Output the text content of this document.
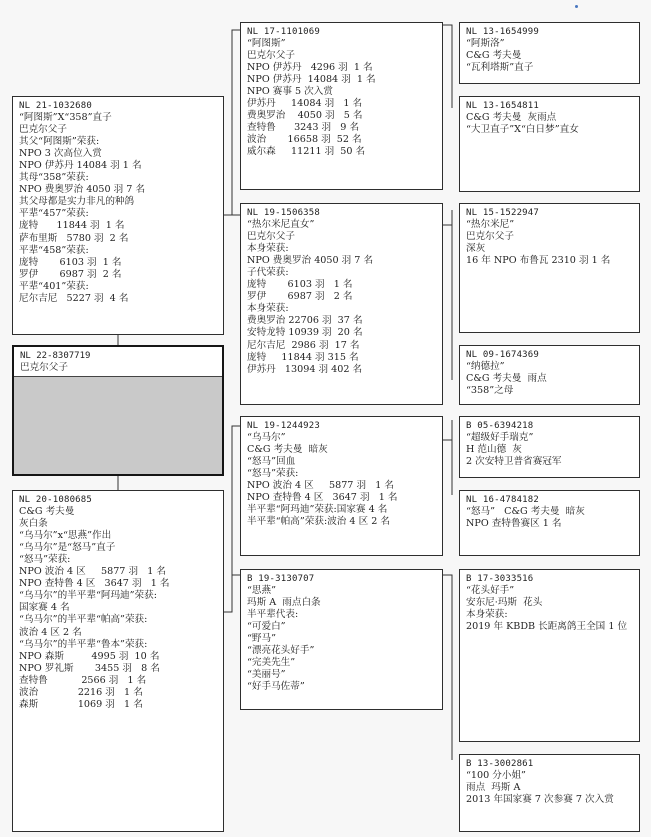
NL 21-1032680
“阿图斯”X“358”直子
巴克尔父子
其父“阿图斯”荣获:
NPO 3 次高位入赏
NPO 伊苏丹 14084 羽 1 名
其母“358”荣获:
NPO 费奥罗治 4050 羽 7 名
其父母都是实力非凡的种鸽
平辈“457”荣获:
庞特      11844 羽  1 名
萨布里斯   5780 羽  2 名
平辈“458”荣获:
庞特       6103 羽  1 名
罗伊       6987 羽  2 名
平辈“401”荣获:
尼尔吉尼   5227 羽  4 名
NL 22-8307719
巴克尔父子
NL 20-1080685
C&G 考夫曼
灰白条
“乌马尔”x“思燕”作出
“乌马尔”是“怒马”直子
“怒马”荣获:
NPO 波治 4 区     5877 羽   1 名
NPO 查特鲁 4 区   3647 羽   1 名
“乌马尔”的半平辈“阿玛迪”荣获:
国家赛 4 名
“乌马尔”的半平辈“帕高”荣获:
波治 4 区 2 名
“乌马尔”的半平辈“鲁本”荣获:
NPO 森斯         4995 羽  10 名
NPO 罗礼斯       3455 羽   8 名
查特鲁           2566 羽   1 名
波治             2216 羽   1 名
森斯             1069 羽   1 名
NL 17-1101069
“阿图斯”
巴克尔父子
NPO 伊苏丹   4296 羽  1 名
NPO 伊苏丹  14084 羽  1 名
NPO 赛事 5 次入赏
伊苏丹     14084 羽   1 名
费奥罗治    4050 羽   5 名
查特鲁      3243 羽   9 名
波治       16658 羽  52 名
威尔森     11211 羽  50 名
NL 19-1506358
“热尔米尼直女”
巴克尔父子
本身荣获:
NPO 费奥罗治 4050 羽 7 名
子代荣获:
庞特       6103 羽   1 名
罗伊       6987 羽   2 名
本身荣获:
费奥罗治 22706 羽  37 名
安特龙特 10939 羽  20 名
尼尔吉尼  2986 羽  17 名
庞特     11844 羽 315 名
伊苏丹   13094 羽 402 名
NL 19-1244923
“乌马尔”
C&G 考夫曼  暗灰
“怒马”回血
“怒马”荣获:
NPO 波治 4 区     5877 羽   1 名
NPO 查特鲁 4 区   3647 羽   1 名
半平辈“阿玛迪”荣获:国家赛 4 名
半平辈“帕高”荣获:波治 4 区 2 名
B 19-3130707
“思燕”
玛斯 A  雨点白条
半平辈代表:
“可爱白”
“野马”
“漂亮花头好手”
“完美先生”
“美丽号”
“好手马佐蒂”
NL 13-1654999
“阿斯洛”
C&G 考夫曼
“瓦利塔斯”直子
NL 13-1654811
C&G 考夫曼  灰雨点
“大卫直子”X“白日梦”直女
NL 15-1522947
“热尔米尼”
巴克尔父子
深灰
16 年 NPO 布鲁瓦 2310 羽 1 名
NL 09-1674369
“纳德拉”
C&G 考夫曼  雨点
“358”之母
B 05-6394218
“超级好手瑞克”
H 范山德  灰
2 次安特卫普省赛冠军
NL 16-4784182
“怒马”   C&G 考夫曼  暗灰
NPO 查特鲁赛区 1 名
B 17-3033516
“花头好手”
安东尼·玛斯  花头
本身荣获:
2019 年 KBDB 长距离鸽王全国 1 位
B 13-3002861
“100 分小姐”
雨点  玛斯 A
2013 年国家赛 7 次参赛 7 次入赏
